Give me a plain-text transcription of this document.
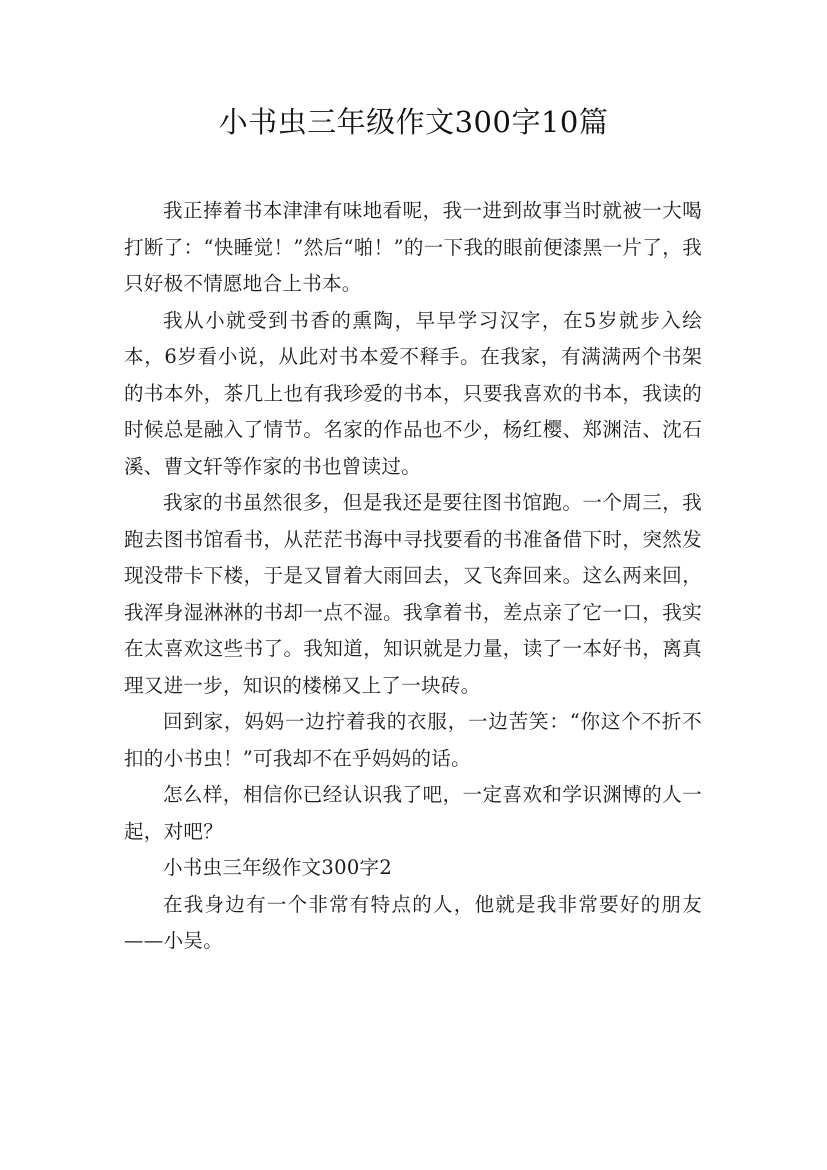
小书虫三年级作文300字10篇

我正捧着书本津津有味地看呢，我一进到故事当时就被一大喝打断了：“快睡觉！”然后“啪！”的一下我的眼前便漆黑一片了，我只好极不情愿地合上书本。

我从小就受到书香的熏陶，早早学习汉字，在5岁就步入绘本，6岁看小说，从此对书本爱不释手。在我家，有满满两个书架的书本外，茶几上也有我珍爱的书本，只要我喜欢的书本，我读的时候总是融入了情节。名家的作品也不少，杨红樱、郑渊洁、沈石溪、曹文轩等作家的书也曾读过。

我家的书虽然很多，但是我还是要往图书馆跑。一个周三，我跑去图书馆看书，从茫茫书海中寻找要看的书准备借下时，突然发现没带卡下楼，于是又冒着大雨回去，又飞奔回来。这么两来回，我浑身湿淋淋的书却一点不湿。我拿着书，差点亲了它一口，我实在太喜欢这些书了。我知道，知识就是力量，读了一本好书，离真理又进一步，知识的楼梯又上了一块砖。

回到家，妈妈一边拧着我的衣服，一边苦笑：“你这个不折不扣的小书虫！”可我却不在乎妈妈的话。

怎么样，相信你已经认识我了吧，一定喜欢和学识渊博的人一起，对吧？

小书虫三年级作文300字2

在我身边有一个非常有特点的人，他就是我非常要好的朋友——小吴。
